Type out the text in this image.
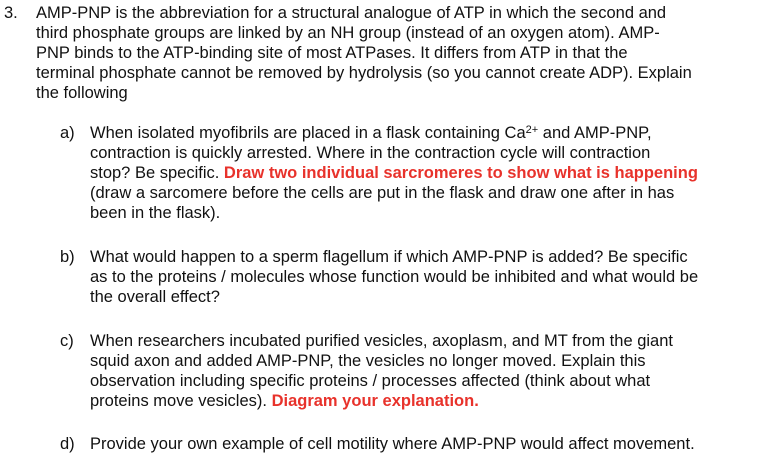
3. AMP-PNP is the abbreviation for a structural analogue of ATP in which the second and
third phosphate groups are linked by an NH group (instead of an oxygen atom). AMP-
PNP binds to the ATP-binding site of most ATPases. It differs from ATP in that the
terminal phosphate cannot be removed by hydrolysis (so you cannot create ADP). Explain
the following
a) When isolated myofibrils are placed in a flask containing $Ca^{2+}$ and AMP-PNP,
contraction is quickly arrested. Where in the contraction cycle will contraction
stop? Be specific. Draw two individual sarcromeres to show what is happening
(draw a sarcomere before the cells are put in the flask and draw one after in has
been in the flask).
b) What would happen to a sperm flagellum if which AMP-PNP is added? Be specific
as to the proteins / molecules whose function would be inhibited and what would be
the overall effect?
c) When researchers incubated purified vesicles, axoplasm, and MT from the giant
squid axon and added AMP-PNP, the vesicles no longer moved. Explain this
observation including specific proteins / processes affected (think about what
proteins move vesicles). Diagram your explanation.
d) Provide your own example of cell motility where AMP-PNP would affect movement.
